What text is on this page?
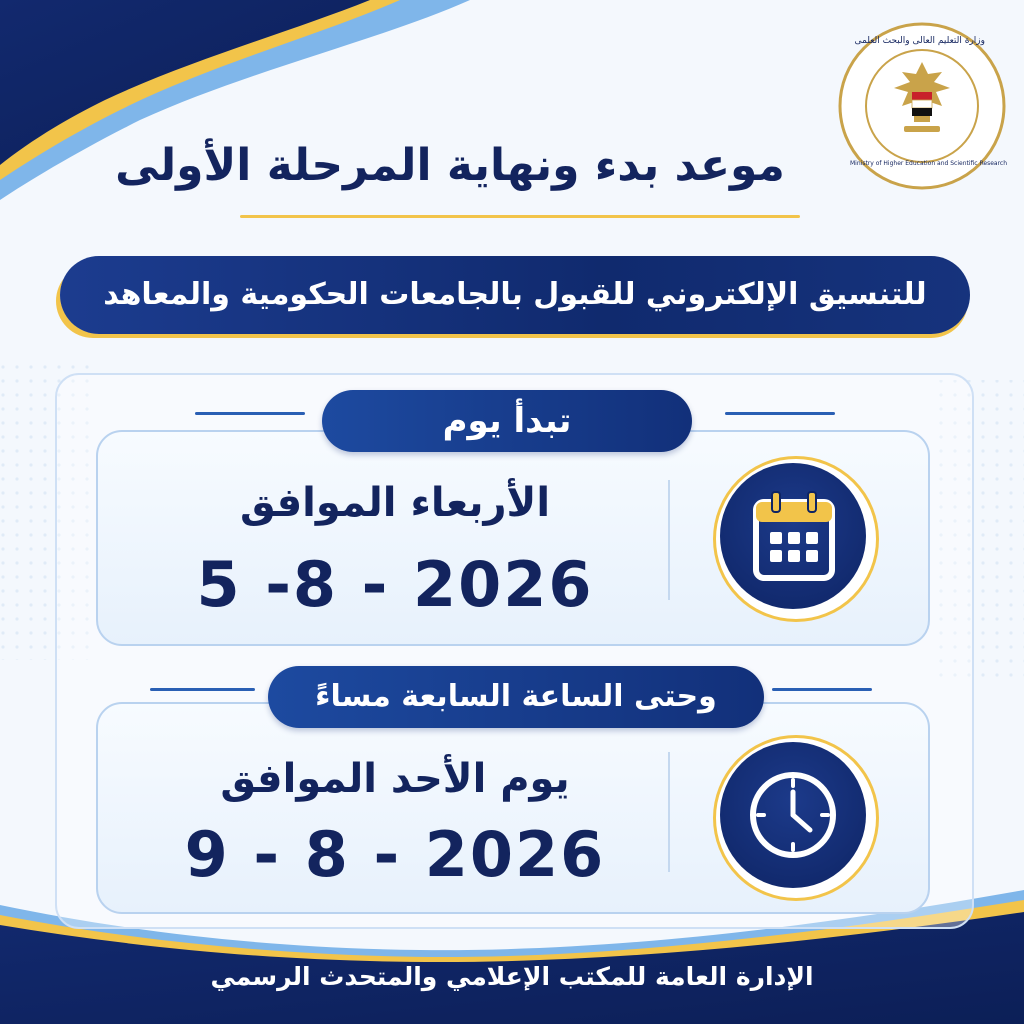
وزارة التعليم العالى والبحث العلمى
Ministry of Higher Education and Scientific Research
موعد بدء ونهاية المرحلة الأولى
للتنسيق الإلكتروني للقبول بالجامعات الحكومية والمعاهد
تبدأ يوم
الأربعاء الموافق
5 -8 - 2026
وحتى الساعة السابعة مساءً
يوم الأحد الموافق
9 - 8 - 2026
الإدارة العامة للمكتب الإعلامي والمتحدث الرسمي
